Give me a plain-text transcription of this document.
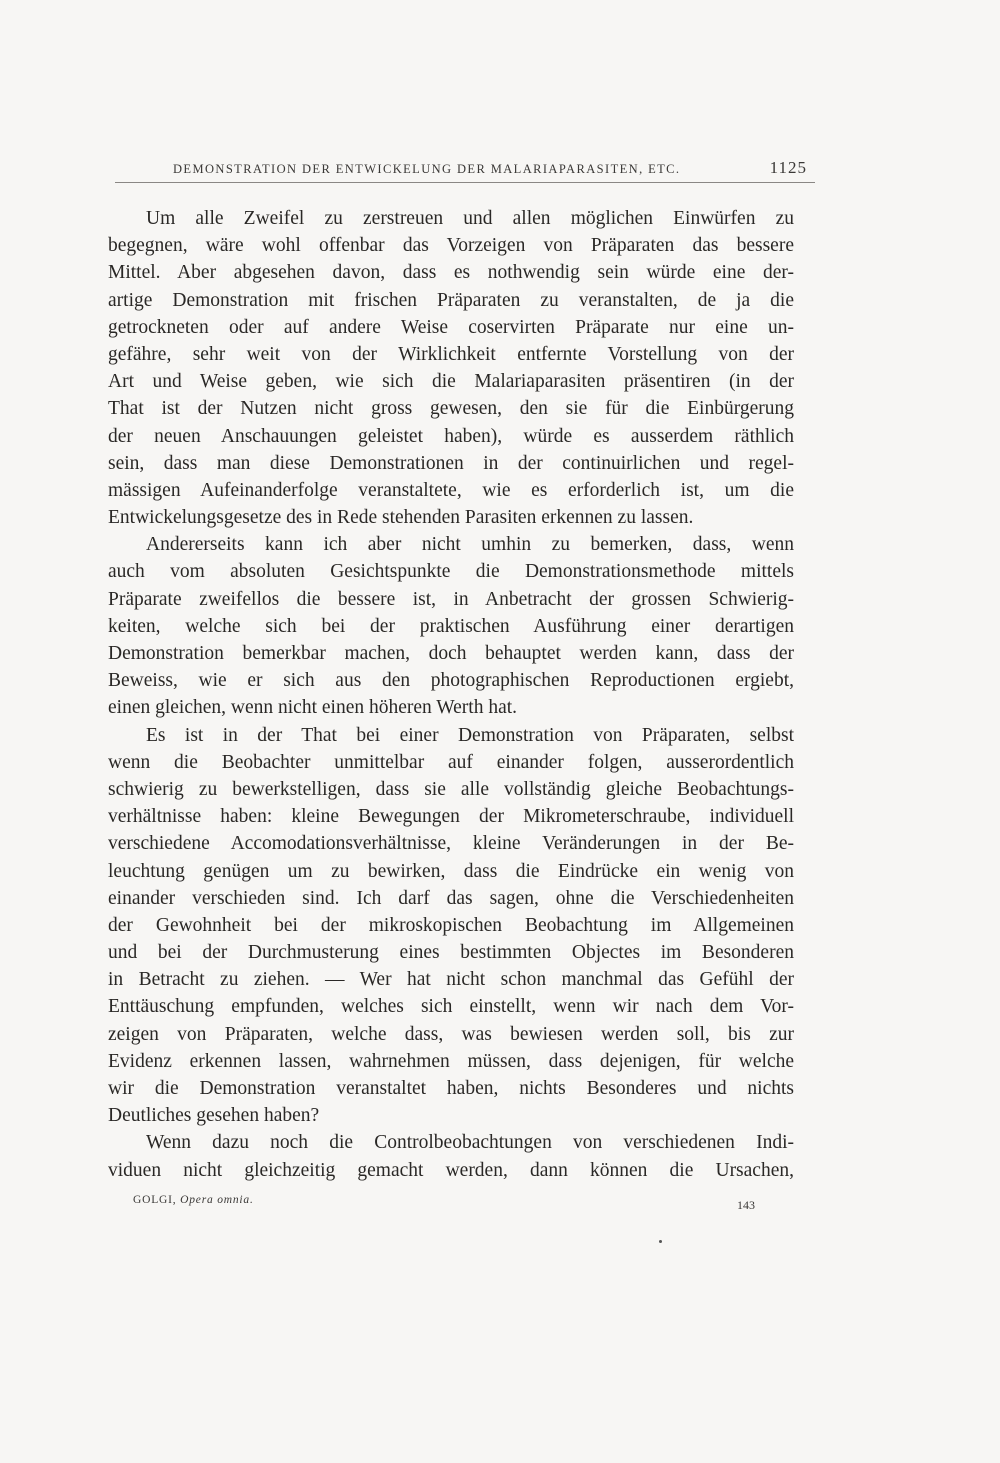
DEMONSTRATION DER ENTWICKELUNG DER MALARIAPARASITEN, ETC.	1125
Um alle Zweifel zu zerstreuen und allen möglichen Einwürfen zu
begegnen, wäre wohl offenbar das Vorzeigen von Präparaten das bessere
Mittel. Aber abgesehen davon, dass es nothwendig sein würde eine der-
artige Demonstration mit frischen Präparaten zu veranstalten, de ja die
getrockneten oder auf andere Weise coservirten Präparate nur eine un-
gefähre, sehr weit von der Wirklichkeit entfernte Vorstellung von der
Art und Weise geben, wie sich die Malariaparasiten präsentiren (in der
That ist der Nutzen nicht gross gewesen, den sie für die Einbürgerung
der neuen Anschauungen geleistet haben), würde es ausserdem räthlich
sein, dass man diese Demonstrationen in der continuirlichen und regel-
mässigen Aufeinanderfolge veranstaltete, wie es erforderlich ist, um die
Entwickelungsgesetze des in Rede stehenden Parasiten erkennen zu lassen.
Andererseits kann ich aber nicht umhin zu bemerken, dass, wenn
auch vom absoluten Gesichtspunkte die Demonstrationsmethode mittels
Präparate zweifellos die bessere ist, in Anbetracht der grossen Schwierig-
keiten, welche sich bei der praktischen Ausführung einer derartigen
Demonstration bemerkbar machen, doch behauptet werden kann, dass der
Beweiss, wie er sich aus den photographischen Reproductionen ergiebt,
einen gleichen, wenn nicht einen höheren Werth hat.
Es ist in der That bei einer Demonstration von Präparaten, selbst
wenn die Beobachter unmittelbar auf einander folgen, ausserordentlich
schwierig zu bewerkstelligen, dass sie alle vollständig gleiche Beobachtungs-
verhältnisse haben: kleine Bewegungen der Mikrometerschraube, individuell
verschiedene Accomodationsverhältnisse, kleine Veränderungen in der Be-
leuchtung genügen um zu bewirken, dass die Eindrücke ein wenig von
einander verschieden sind. Ich darf das sagen, ohne die Verschiedenheiten
der Gewohnheit bei der mikroskopischen Beobachtung im Allgemeinen
und bei der Durchmusterung eines bestimmten Objectes im Besonderen
in Betracht zu ziehen. — Wer hat nicht schon manchmal das Gefühl der
Enttäuschung empfunden, welches sich einstellt, wenn wir nach dem Vor-
zeigen von Präparaten, welche dass, was bewiesen werden soll, bis zur
Evidenz erkennen lassen, wahrnehmen müssen, dass dejenigen, für welche
wir die Demonstration veranstaltet haben, nichts Besonderes und nichts
Deutliches gesehen haben?
Wenn dazu noch die Controlbeobachtungen von verschiedenen Indi-
viduen nicht gleichzeitig gemacht werden, dann können die Ursachen,
GOLGI, Opera omnia.	143
